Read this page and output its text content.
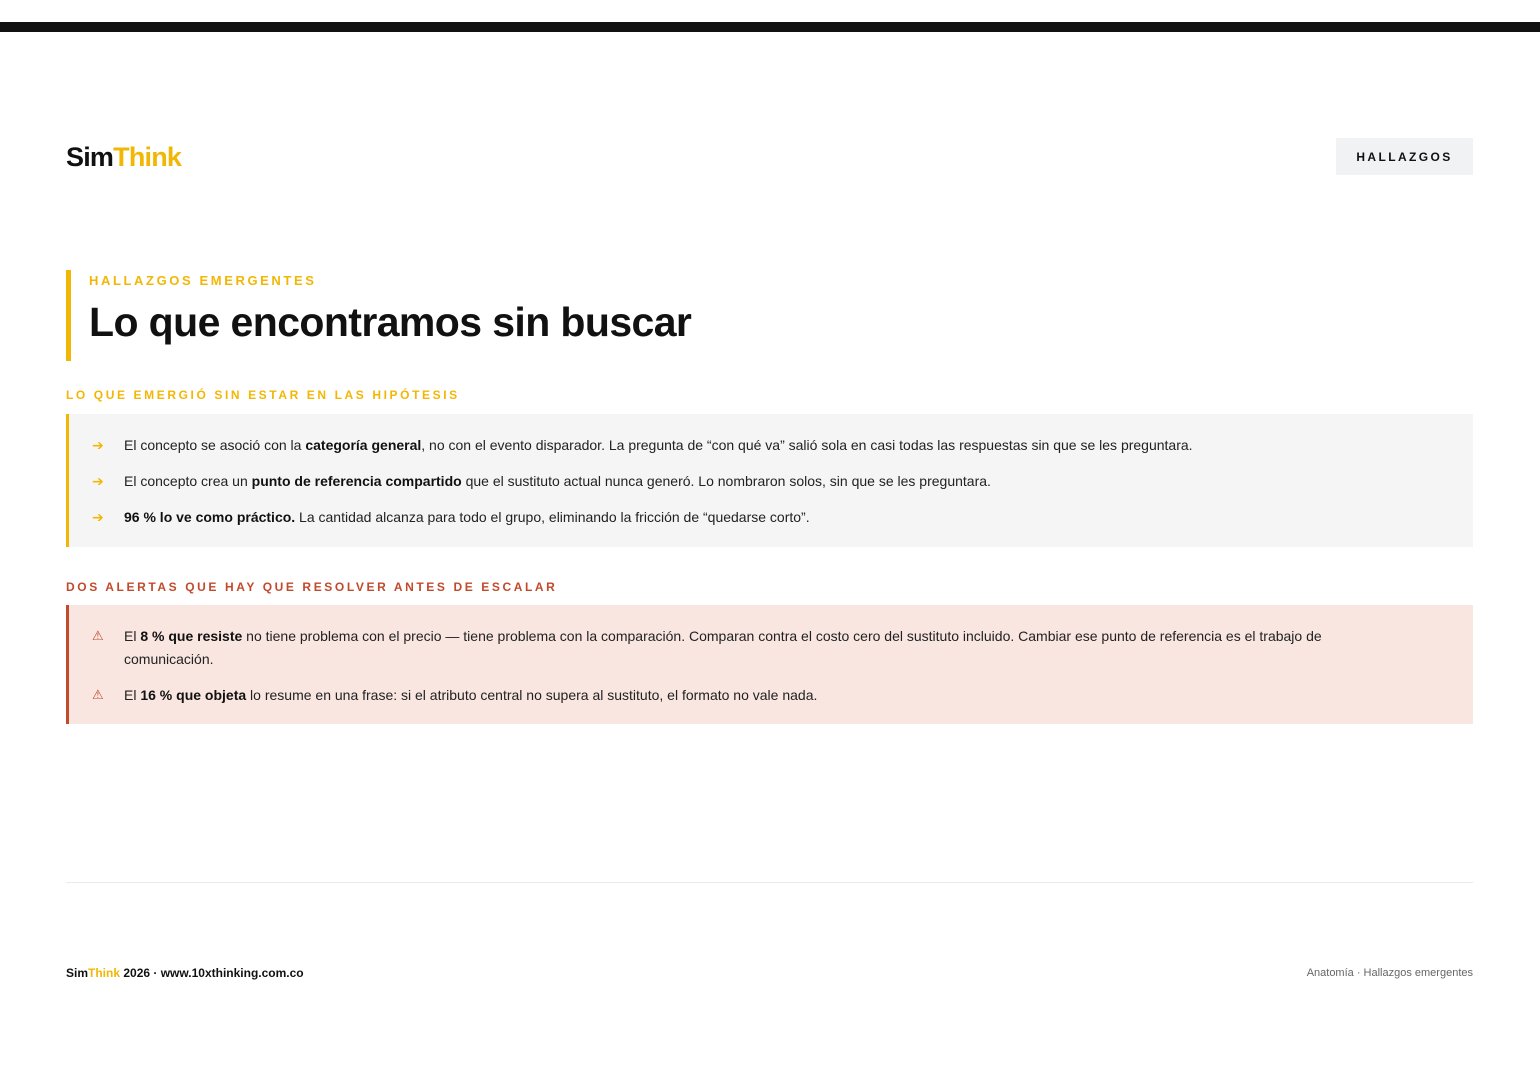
SimThink	HALLAZGOS
HALLAZGOS EMERGENTES
Lo que encontramos sin buscar
LO QUE EMERGIÓ SIN ESTAR EN LAS HIPÓTESIS
➔ El concepto se asoció con la categoría general, no con el evento disparador. La pregunta de “con qué va” salió sola en casi todas las respuestas sin que se les preguntara.
➔ El concepto crea un punto de referencia compartido que el sustituto actual nunca generó. Lo nombraron solos, sin que se les preguntara.
➔ 96 % lo ve como práctico. La cantidad alcanza para todo el grupo, eliminando la fricción de “quedarse corto”.
DOS ALERTAS QUE HAY QUE RESOLVER ANTES DE ESCALAR
⚠ El 8 % que resiste no tiene problema con el precio — tiene problema con la comparación. Comparan contra el costo cero del sustituto incluido. Cambiar ese punto de referencia es el trabajo de comunicación.
⚠ El 16 % que objeta lo resume en una frase: si el atributo central no supera al sustituto, el formato no vale nada.
SimThink 2026 · www.10xthinking.com.co	Anatomía · Hallazgos emergentes
